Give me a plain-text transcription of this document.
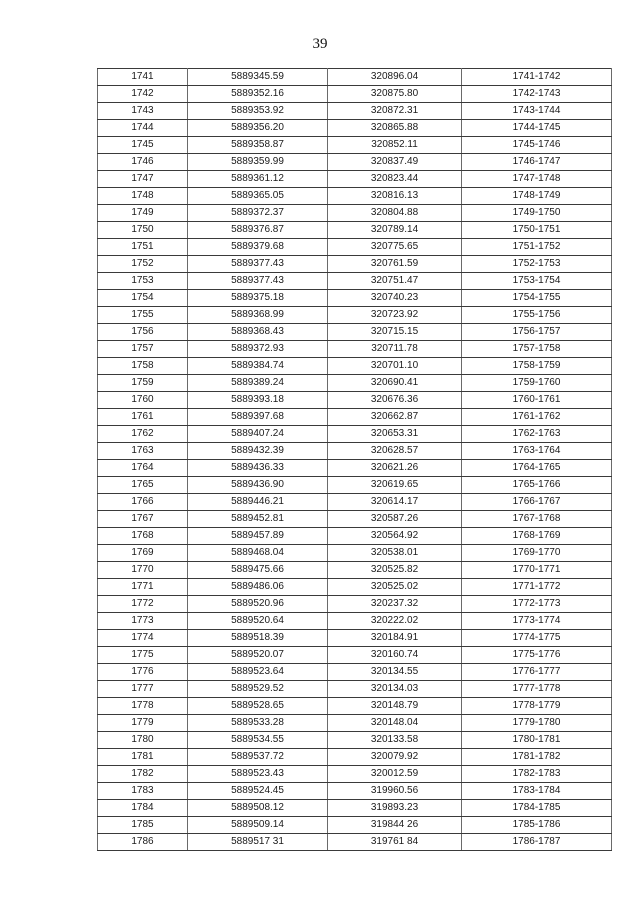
39
1741	5889345.59	320896.04	1741-1742
1742	5889352.16	320875.80	1742-1743
1743	5889353.92	320872.31	1743-1744
1744	5889356.20	320865.88	1744-1745
1745	5889358.87	320852.11	1745-1746
1746	5889359.99	320837.49	1746-1747
1747	5889361.12	320823.44	1747-1748
1748	5889365.05	320816.13	1748-1749
1749	5889372.37	320804.88	1749-1750
1750	5889376.87	320789.14	1750-1751
1751	5889379.68	320775.65	1751-1752
1752	5889377.43	320761.59	1752-1753
1753	5889377.43	320751.47	1753-1754
1754	5889375.18	320740.23	1754-1755
1755	5889368.99	320723.92	1755-1756
1756	5889368.43	320715.15	1756-1757
1757	5889372.93	320711.78	1757-1758
1758	5889384.74	320701.10	1758-1759
1759	5889389.24	320690.41	1759-1760
1760	5889393.18	320676.36	1760-1761
1761	5889397.68	320662.87	1761-1762
1762	5889407.24	320653.31	1762-1763
1763	5889432.39	320628.57	1763-1764
1764	5889436.33	320621.26	1764-1765
1765	5889436.90	320619.65	1765-1766
1766	5889446.21	320614.17	1766-1767
1767	5889452.81	320587.26	1767-1768
1768	5889457.89	320564.92	1768-1769
1769	5889468.04	320538.01	1769-1770
1770	5889475.66	320525.82	1770-1771
1771	5889486.06	320525.02	1771-1772
1772	5889520.96	320237.32	1772-1773
1773	5889520.64	320222.02	1773-1774
1774	5889518.39	320184.91	1774-1775
1775	5889520.07	320160.74	1775-1776
1776	5889523.64	320134.55	1776-1777
1777	5889529.52	320134.03	1777-1778
1778	5889528.65	320148.79	1778-1779
1779	5889533.28	320148.04	1779-1780
1780	5889534.55	320133.58	1780-1781
1781	5889537.72	320079.92	1781-1782
1782	5889523.43	320012.59	1782-1783
1783	5889524.45	319960.56	1783-1784
1784	5889508.12	319893.23	1784-1785
1785	5889509.14	319844 26	1785-1786
1786	5889517 31	319761 84	1786-1787
